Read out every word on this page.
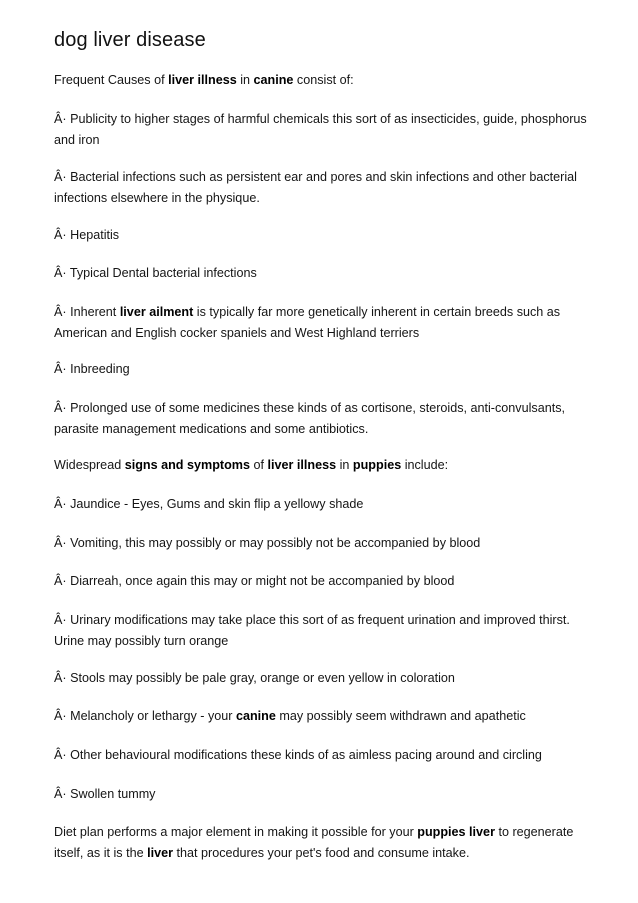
dog liver disease
Frequent Causes of liver illness in canine consist of:
Â· Publicity to higher stages of harmful chemicals this sort of as insecticides, guide, phosphorus and iron
Â· Bacterial infections such as persistent ear and pores and skin infections and other bacterial infections elsewhere in the physique.
Â· Hepatitis
Â· Typical Dental bacterial infections
Â· Inherent liver ailment is typically far more genetically inherent in certain breeds such as American and English cocker spaniels and West Highland terriers
Â· Inbreeding
Â· Prolonged use of some medicines these kinds of as cortisone, steroids, anti-convulsants, parasite management medications and some antibiotics.
Widespread signs and symptoms of liver illness in puppies include:
Â· Jaundice - Eyes, Gums and skin flip a yellowy shade
Â· Vomiting, this may possibly or may possibly not be accompanied by blood
Â· Diarreah, once again this may or might not be accompanied by blood
Â· Urinary modifications may take place this sort of as frequent urination and improved thirst. Urine may possibly turn orange
Â· Stools may possibly be pale gray, orange or even yellow in coloration
Â· Melancholy or lethargy - your canine may possibly seem withdrawn and apathetic
Â· Other behavioural modifications these kinds of as aimless pacing around and circling
Â· Swollen tummy
Diet plan performs a major element in making it possible for your puppies liver to regenerate itself, as it is the liver that procedures your pet's food and consume intake.
